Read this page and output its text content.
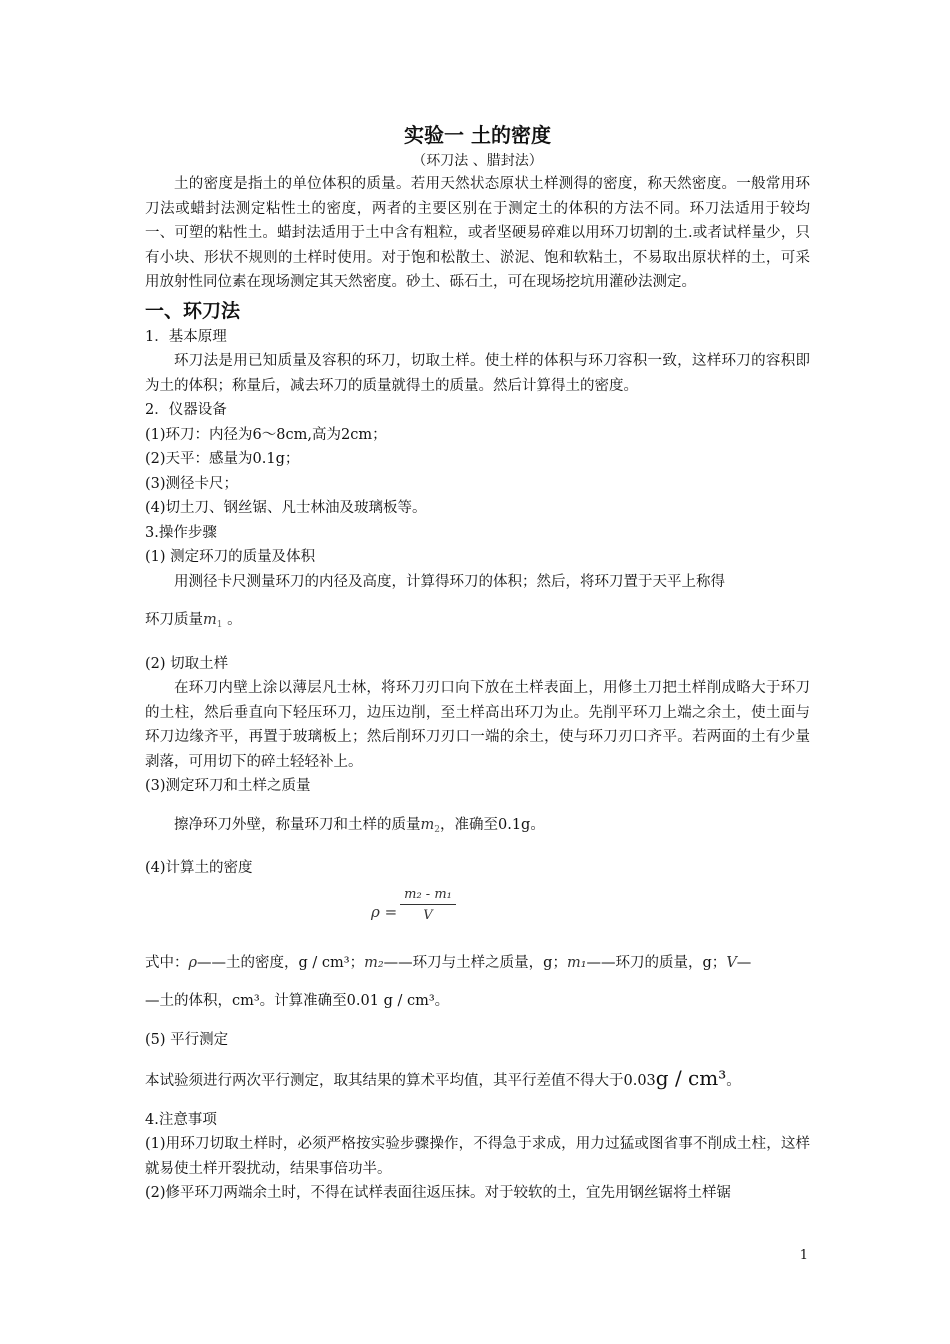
实验一 土的密度

（环刀法 、腊封法）

土的密度是指土的单位体积的质量。若用天然状态原状土样测得的密度，称天然密度。一般常用环刀法或蜡封法测定粘性土的密度，两者的主要区别在于测定土的体积的方法不同。环刀法适用于较均一、可塑的粘性土。蜡封法适用于土中含有粗粒，或者坚硬易碎难以用环刀切割的土.或者试样量少，只有小块、形状不规则的土样时使用。对于饱和松散土、淤泥、饱和软粘土，不易取出原状样的土，可采用放射性同位素在现场测定其天然密度。砂土、砾石土，可在现场挖坑用灌砂法测定。

一、环刀法

1．基本原理

环刀法是用已知质量及容积的环刀，切取土样。使土样的体积与环刀容积一致，这样环刀的容积即为土的体积；称量后，减去环刀的质量就得土的质量。然后计算得土的密度。

2．仪器设备

(1)环刀：内径为6～8cm,高为2cm；

(2)天平：感量为0.1g；

(3)测径卡尺；

(4)切土刀、钢丝锯、凡士林油及玻璃板等。

3.操作步骤

(1) 测定环刀的质量及体积

用测径卡尺测量环刀的内径及高度，计算得环刀的体积；然后，将环刀置于天平上称得

环刀质量$m_1$ 。

(2) 切取土样

在环刀内壁上涂以薄层凡士林，将环刀刃口向下放在土样表面上，用修土刀把土样削成略大于环刀的土柱，然后垂直向下轻压环刀，边压边削，至土样高出环刀为止。先削平环刀上端之余土，使土面与环刀边缘齐平，再置于玻璃板上；然后削环刀刃口一端的余土，使与环刀刃口齐平。若两面的土有少量剥落，可用切下的碎土轻轻补上。

(3)测定环刀和土样之质量

擦净环刀外壁，称量环刀和土样的质量$m_2$，准确至0.1g。

(4)计算土的密度

ρ =
m₂ - m₁
V

式中：ρ——土的密度，g / cm³；m₂——环刀与土样之质量，g；m₁——环刀的质量，g；V—

—土的体积，cm³。计算准确至0.01 g / cm³。

(5) 平行测定

本试验须进行两次平行测定，取其结果的算术平均值，其平行差值不得大于0.03g / cm³。

4.注意事项

(1)用环刀切取土样时，必须严格按实验步骤操作，不得急于求成，用力过猛或图省事不削成土柱，这样就易使土样开裂扰动，结果事倍功半。

(2)修平环刀两端余土时，不得在试样表面往返压抹。对于较软的土，宜先用钢丝锯将土样锯

1
